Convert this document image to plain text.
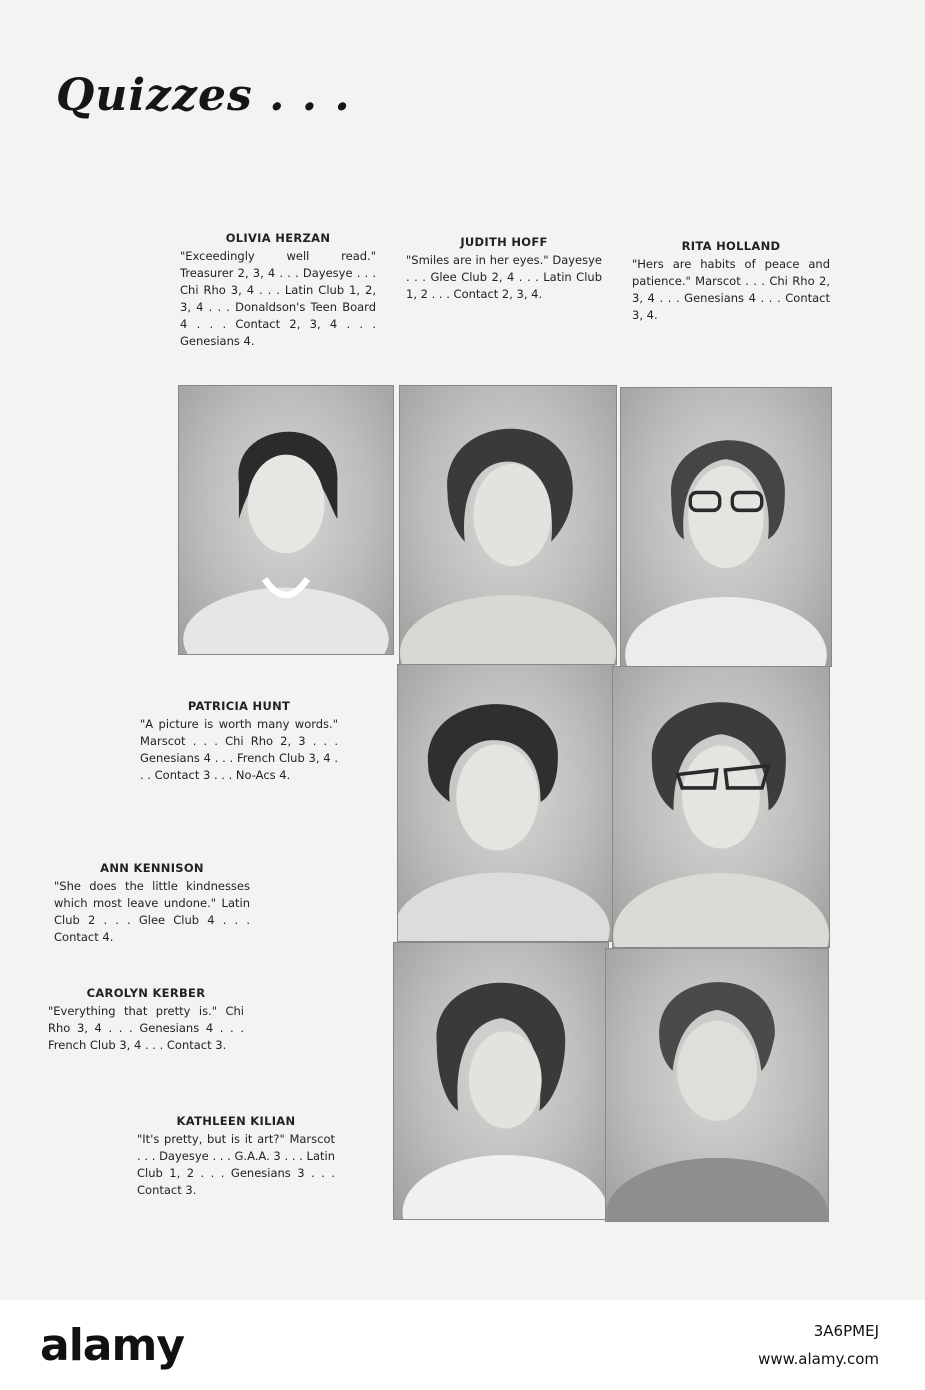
Quizzes . . .
OLIVIA HERZAN
"Exceedingly well read." Treasurer 2, 3, 4 . . . Dayesye . . . Chi Rho 3, 4 . . . Latin Club 1, 2, 3, 4 . . . Donaldson's Teen Board 4 . . . Contact 2, 3, 4 . . . Genesians 4.
JUDITH HOFF
"Smiles are in her eyes." Dayesye . . . Glee Club 2, 4 . . . Latin Club 1, 2 . . . Contact 2, 3, 4.
RITA HOLLAND
"Hers are habits of peace and patience." Marscot . . . Chi Rho 2, 3, 4 . . . Genesians 4 . . . Contact 3, 4.
PATRICIA HUNT
"A picture is worth many words." Marscot . . . Chi Rho 2, 3 . . . Genesians 4 . . . French Club 3, 4 . . . Contact 3 . . . No-Acs 4.
ANN KENNISON
"She does the little kindnesses which most leave undone." Latin Club 2 . . . Glee Club 4 . . . Contact 4.
CAROLYN KERBER
"Everything that pretty is." Chi Rho 3, 4 . . . Genesians 4 . . . French Club 3, 4 . . . Contact 3.
KATHLEEN KILIAN
"It's pretty, but is it art?" Marscot . . . Dayesye . . . G.A.A. 3 . . . Latin Club 1, 2 . . . Genesians 3 . . . Contact 3.
alamy	3A6PMEJ
www.alamy.com
